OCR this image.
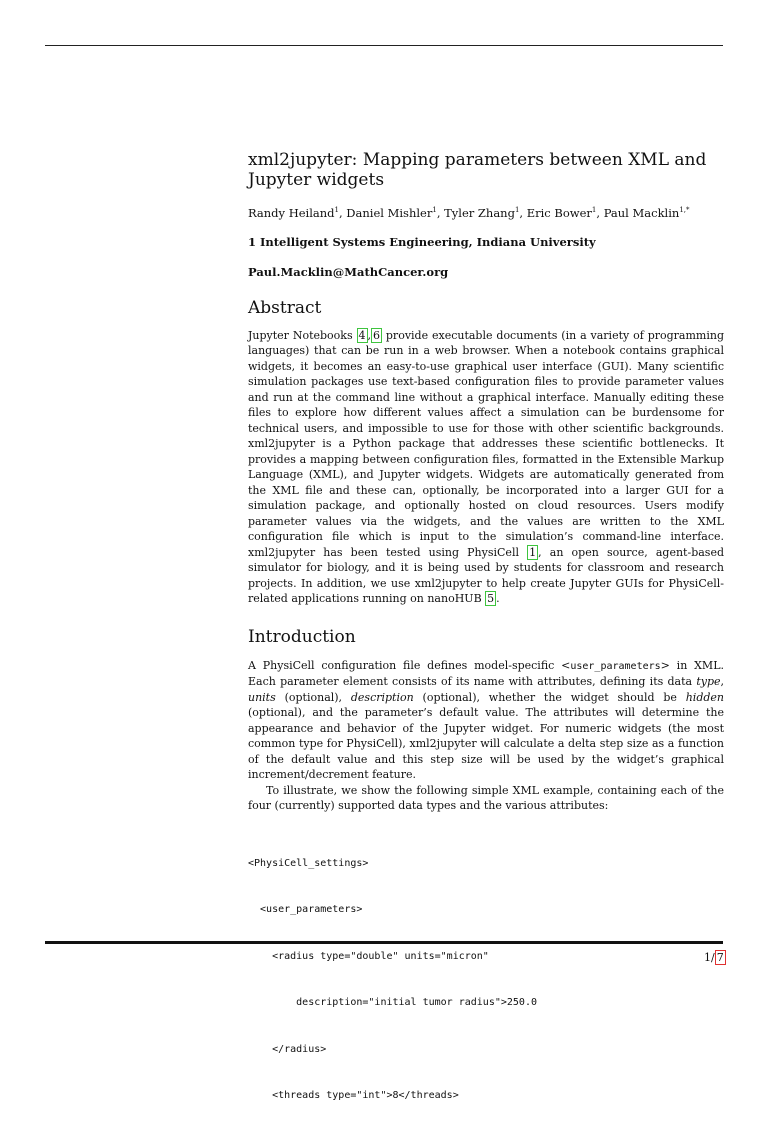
xml2jupyter: Mapping parameters between XML and Jupyter widgets
Randy Heiland$^1$, Daniel Mishler$^1$, Tyler Zhang$^1$, Eric Bower$^1$, Paul Macklin$^{1,*}$
1 Intelligent Systems Engineering, Indiana University
Paul.Macklin@MathCancer.org
Abstract

Jupyter Notebooks 4 , 6 provide executable documents (in a variety of programming languages) that can be run in a web browser. When a notebook contains graphical widgets, it becomes an easy-to-use graphical user interface (GUI). Many scientific simulation packages use text-based configuration files to provide parameter values and run at the command line without a graphical interface. Manually editing these files to explore how different values affect a simulation can be burdensome for technical users, and impossible to use for those with other scientific backgrounds. xml2jupyter is a Python package that addresses these scientific bottlenecks. It provides a mapping between configuration files, formatted in the Extensible Markup Language (XML), and Jupyter widgets. Widgets are automatically generated from the XML file and these can, optionally, be incorporated into a larger GUI for a simulation package, and optionally hosted on cloud resources. Users modify parameter values via the widgets, and the values are written to the XML configuration file which is input to the simulation’s command-line interface. xml2jupyter has been tested using PhysiCell 1 , an open source, agent-based simulator for biology, and it is being used by students for classroom and research projects. In addition, we use xml2jupyter to help create Jupyter GUIs for PhysiCell-related applications running on nanoHUB 5 .

Introduction

A PhysiCell configuration file defines model-specific <user_parameters> in XML. Each parameter element consists of its name with attributes, defining its data type, units (optional), description (optional), whether the widget should be hidden (optional), and the parameter’s default value. The attributes will determine the appearance and behavior of the Jupyter widget. For numeric widgets (the most common type for PhysiCell), xml2jupyter will calculate a delta step size as a function of the default value and this step size will be used by the widget’s graphical increment/decrement feature.

To illustrate, we show the following simple XML example, containing each of the four (currently) supported data types and the various attributes:

<PhysiCell_settings>

<user_parameters>

<radius type="double" units="micron"

description="initial tumor radius">250.0

</radius>

<threads type="int">8</threads>

1/ 7
